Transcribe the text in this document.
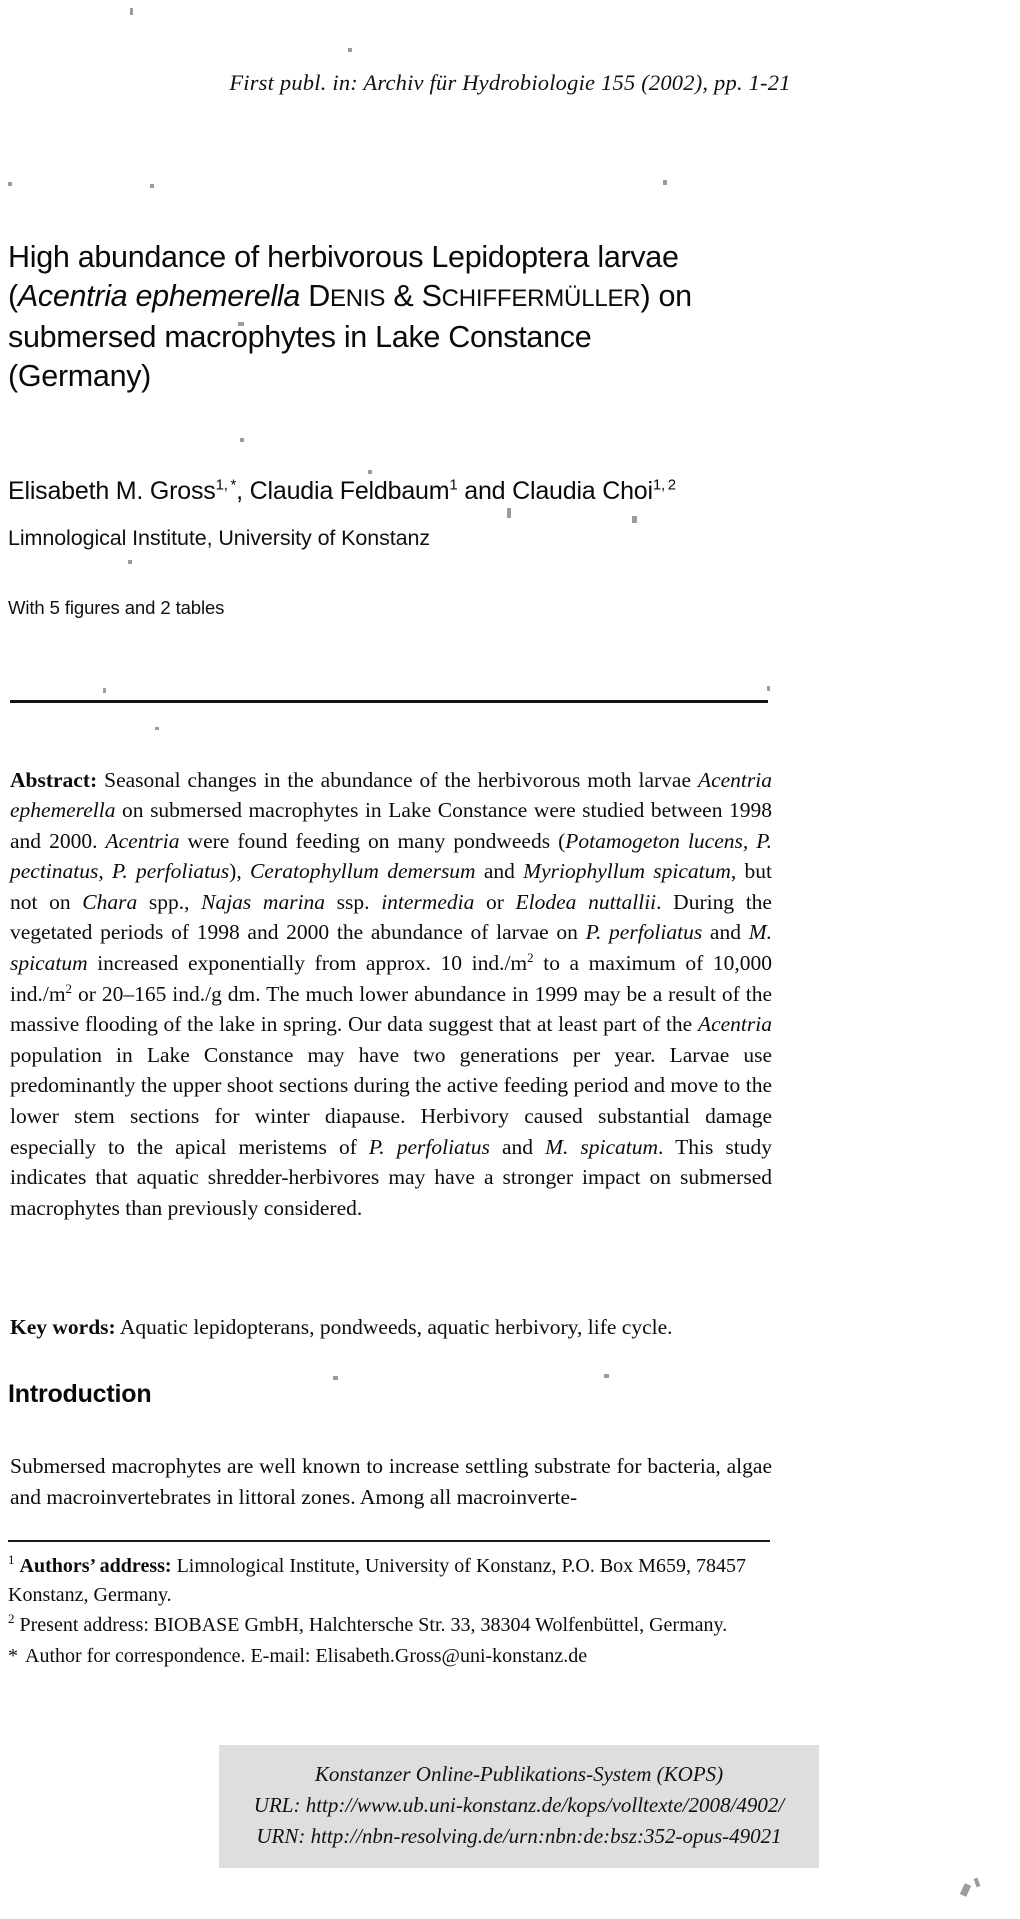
First publ. in: Archiv für Hydrobiologie 155 (2002), pp. 1-21
High abundance of herbivorous Lepidoptera larvae
(Acentria ephemerella DENIS & SCHIFFERMÜLLER) on
submersed macrophytes in Lake Constance
(Germany)
Elisabeth M. Gross$^{1, *}$, Claudia Feldbaum$^1$ and Claudia Choi$^{1, 2}$
Limnological Institute, University of Konstanz
With 5 figures and 2 tables

Abstract: Seasonal changes in the abundance of the herbivorous moth larvae Acentria ephemerella on submersed macrophytes in Lake Constance were studied between 1998 and 2000. Acentria were found feeding on many pondweeds (Potamogeton lucens, P. pectinatus, P. perfoliatus), Ceratophyllum demersum and Myriophyllum spicatum, but not on Chara spp., Najas marina ssp. intermedia or Elodea nuttallii. During the vegetated periods of 1998 and 2000 the abundance of larvae on P. perfoliatus and M. spicatum increased exponentially from approx. 10 $ind./m^2$ to a maximum of 10,000 $ind./m^2$ or 20–165 ind./g dm. The much lower abundance in 1999 may be a result of the massive flooding of the lake in spring. Our data suggest that at least part of the Acentria population in Lake Constance may have two generations per year. Larvae use predominantly the upper shoot sections during the active feeding period and move to the lower stem sections for winter diapause. Herbivory caused substantial damage especially to the apical meristems of P. perfoliatus and M. spicatum. This study indicates that aquatic shredder-herbivores may have a stronger impact on submersed macrophytes than previously considered.

Key words: Aquatic lepidopterans, pondweeds, aquatic herbivory, life cycle.

Introduction

Submersed macrophytes are well known to increase settling substrate for bacteria, algae and macroinvertebrates in littoral zones. Among all macroinverte-

$^1$ Authors’ address: Limnological Institute, University of Konstanz, P.O. Box M659, 78457 Konstanz, Germany.
$^2$ Present address: BIOBASE GmbH, Halchtersche Str. 33, 38304 Wolfenbüttel, Germany.
* Author for correspondence. E-mail: Elisabeth.Gross@uni-konstanz.de
Konstanzer Online-Publikations-System (KOPS)
URL: http://www.ub.uni-konstanz.de/kops/volltexte/2008/4902/
URN: http://nbn-resolving.de/urn:nbn:de:bsz:352-opus-49021
